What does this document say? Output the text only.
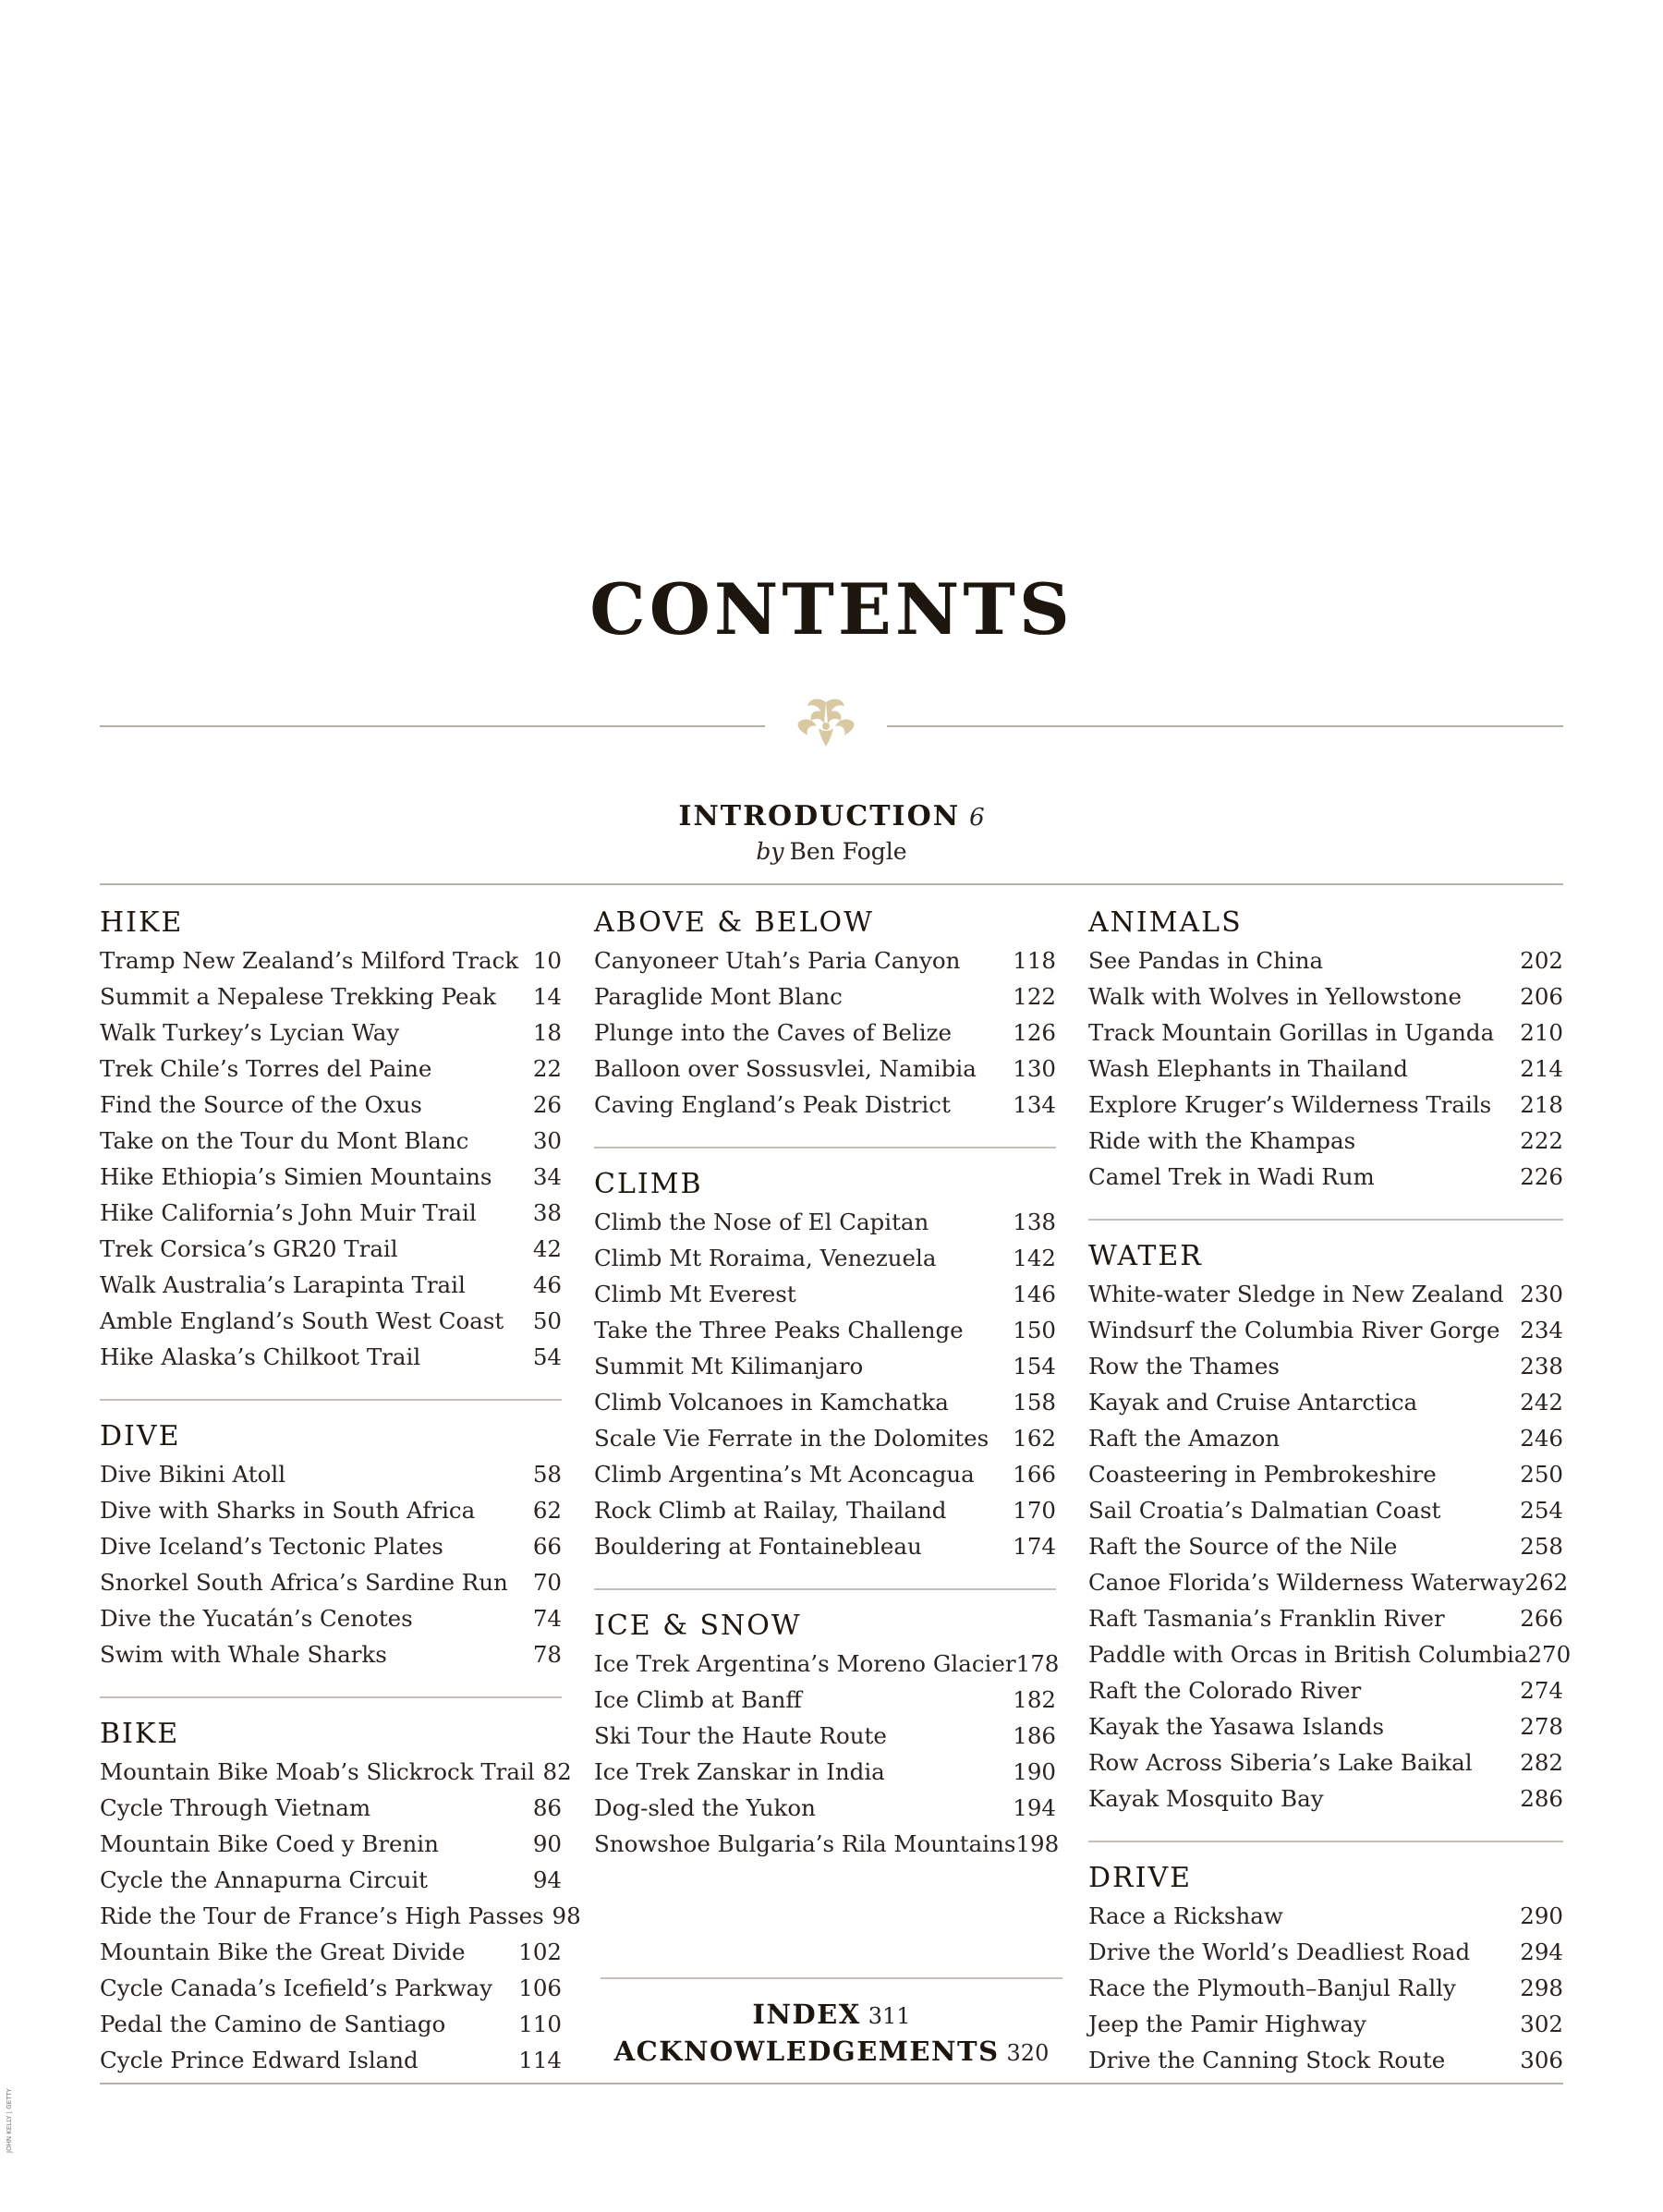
CONTENTS
INTRODUCTION 6
by Ben Fogle
HIKE
Tramp New Zealand’s Milford Track 10
Summit a Nepalese Trekking Peak	14
Walk Turkey’s Lycian Way	18
Trek Chile’s Torres del Paine	22
Find the Source of the Oxus	26
Take on the Tour du Mont Blanc	30
Hike Ethiopia’s Simien Mountains	34
Hike California’s John Muir Trail	38
Trek Corsica’s GR20 Trail	42
Walk Australia’s Larapinta Trail	46
Amble England’s South West Coast	50
Hike Alaska’s Chilkoot Trail	54
DIVE
Dive Bikini Atoll	58
Dive with Sharks in South Africa	62
Dive Iceland’s Tectonic Plates	66
Snorkel South Africa’s Sardine Run	70
Dive the Yucatán’s Cenotes	74
Swim with Whale Sharks	78
BIKE
Mountain Bike Moab’s Slickrock Trail 82
Cycle Through Vietnam	86
Mountain Bike Coed y Brenin	90
Cycle the Annapurna Circuit	94
Ride the Tour de France’s High Passes 98
Mountain Bike the Great Divide 102
Cycle Canada’s Icefield’s Parkway 106
Pedal the Camino de Santiago	110
Cycle Prince Edward Island	114
ABOVE & BELOW
Canyoneer Utah’s Paria Canyon 118
Paraglide Mont Blanc	122
Plunge into the Caves of Belize	126
Balloon over Sossusvlei, Namibia 130
Caving England’s Peak District	134
CLIMB
Climb the Nose of El Capitan	138
Climb Mt Roraima, Venezuela	142
Climb Mt Everest	146
Take the Three Peaks Challenge 150
Summit Mt Kilimanjaro	154
Climb Volcanoes in Kamchatka	158
Scale Vie Ferrate in the Dolomites 162
Climb Argentina’s Mt Aconcagua 166
Rock Climb at Railay, Thailand	170
Bouldering at Fontainebleau	174
ICE & SNOW
Ice Trek Argentina’s Moreno Glacier 178
Ice Climb at Banff	182
Ski Tour the Haute Route	186
Ice Trek Zanskar in India	190
Dog-sled the Yukon	194
Snowshoe Bulgaria’s Rila Mountains 198
ANIMALS
See Pandas in China	202
Walk with Wolves in Yellowstone	206
Track Mountain Gorillas in Uganda 210
Wash Elephants in Thailand	214
Explore Kruger’s Wilderness Trails 218
Ride with the Khampas	222
Camel Trek in Wadi Rum	226
WATER
White-water Sledge in New Zealand 230
Windsurf the Columbia River Gorge 234
Row the Thames	238
Kayak and Cruise Antarctica	242
Raft the Amazon	246
Coasteering in Pembrokeshire	250
Sail Croatia’s Dalmatian Coast	254
Raft the Source of the Nile	258
Canoe Florida’s Wilderness Waterway 262
Raft Tasmania’s Franklin River	266
Paddle with Orcas in British Columbia 270
Raft the Colorado River	274
Kayak the Yasawa Islands	278
Row Across Siberia’s Lake Baikal 282
Kayak Mosquito Bay	286
DRIVE
Race a Rickshaw	290
Drive the World’s Deadliest Road 294
Race the Plymouth–Banjul Rally	298
Jeep the Pamir Highway	302
Drive the Canning Stock Route	306
INDEX 311
ACKNOWLEDGEMENTS 320
JOHN KELLY | GETTY
